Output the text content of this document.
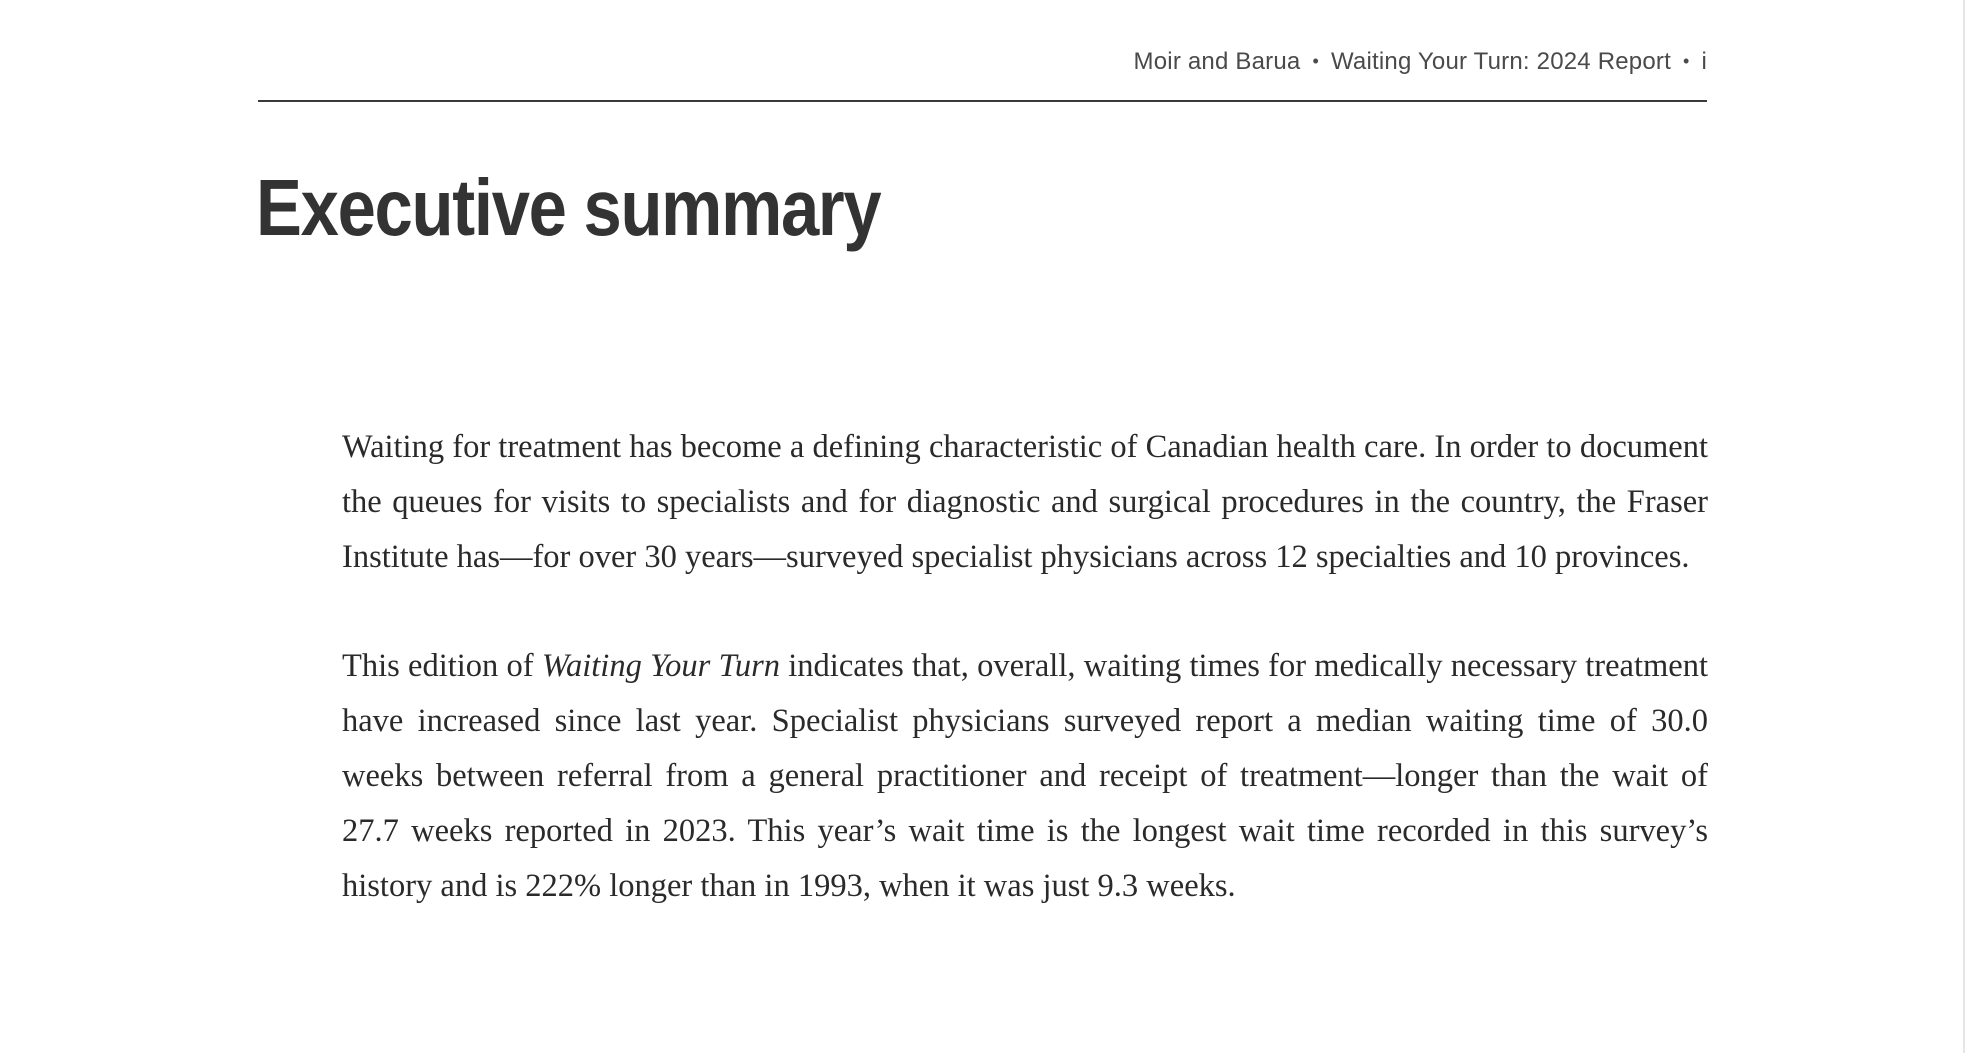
Moir and Barua • Waiting Your Turn: 2024 Report • i
Executive summary

Waiting for treatment has become a defining characteristic of Canadian health care. In order to document the queues for visits to specialists and for diagnostic and surgical procedures in the country, the Fraser Institute has—for over 30 years—surveyed specialist physicians across 12 specialties and 10 provinces.

This edition of Waiting Your Turn indicates that, overall, waiting times for medically necessary treatment have increased since last year. Specialist physicians surveyed report a median waiting time of 30.0 weeks between referral from a general practitioner and receipt of treatment—longer than the wait of 27.7 weeks reported in 2023. This year’s wait time is the longest wait time recorded in this survey’s history and is 222% longer than in 1993, when it was just 9.3 weeks.
